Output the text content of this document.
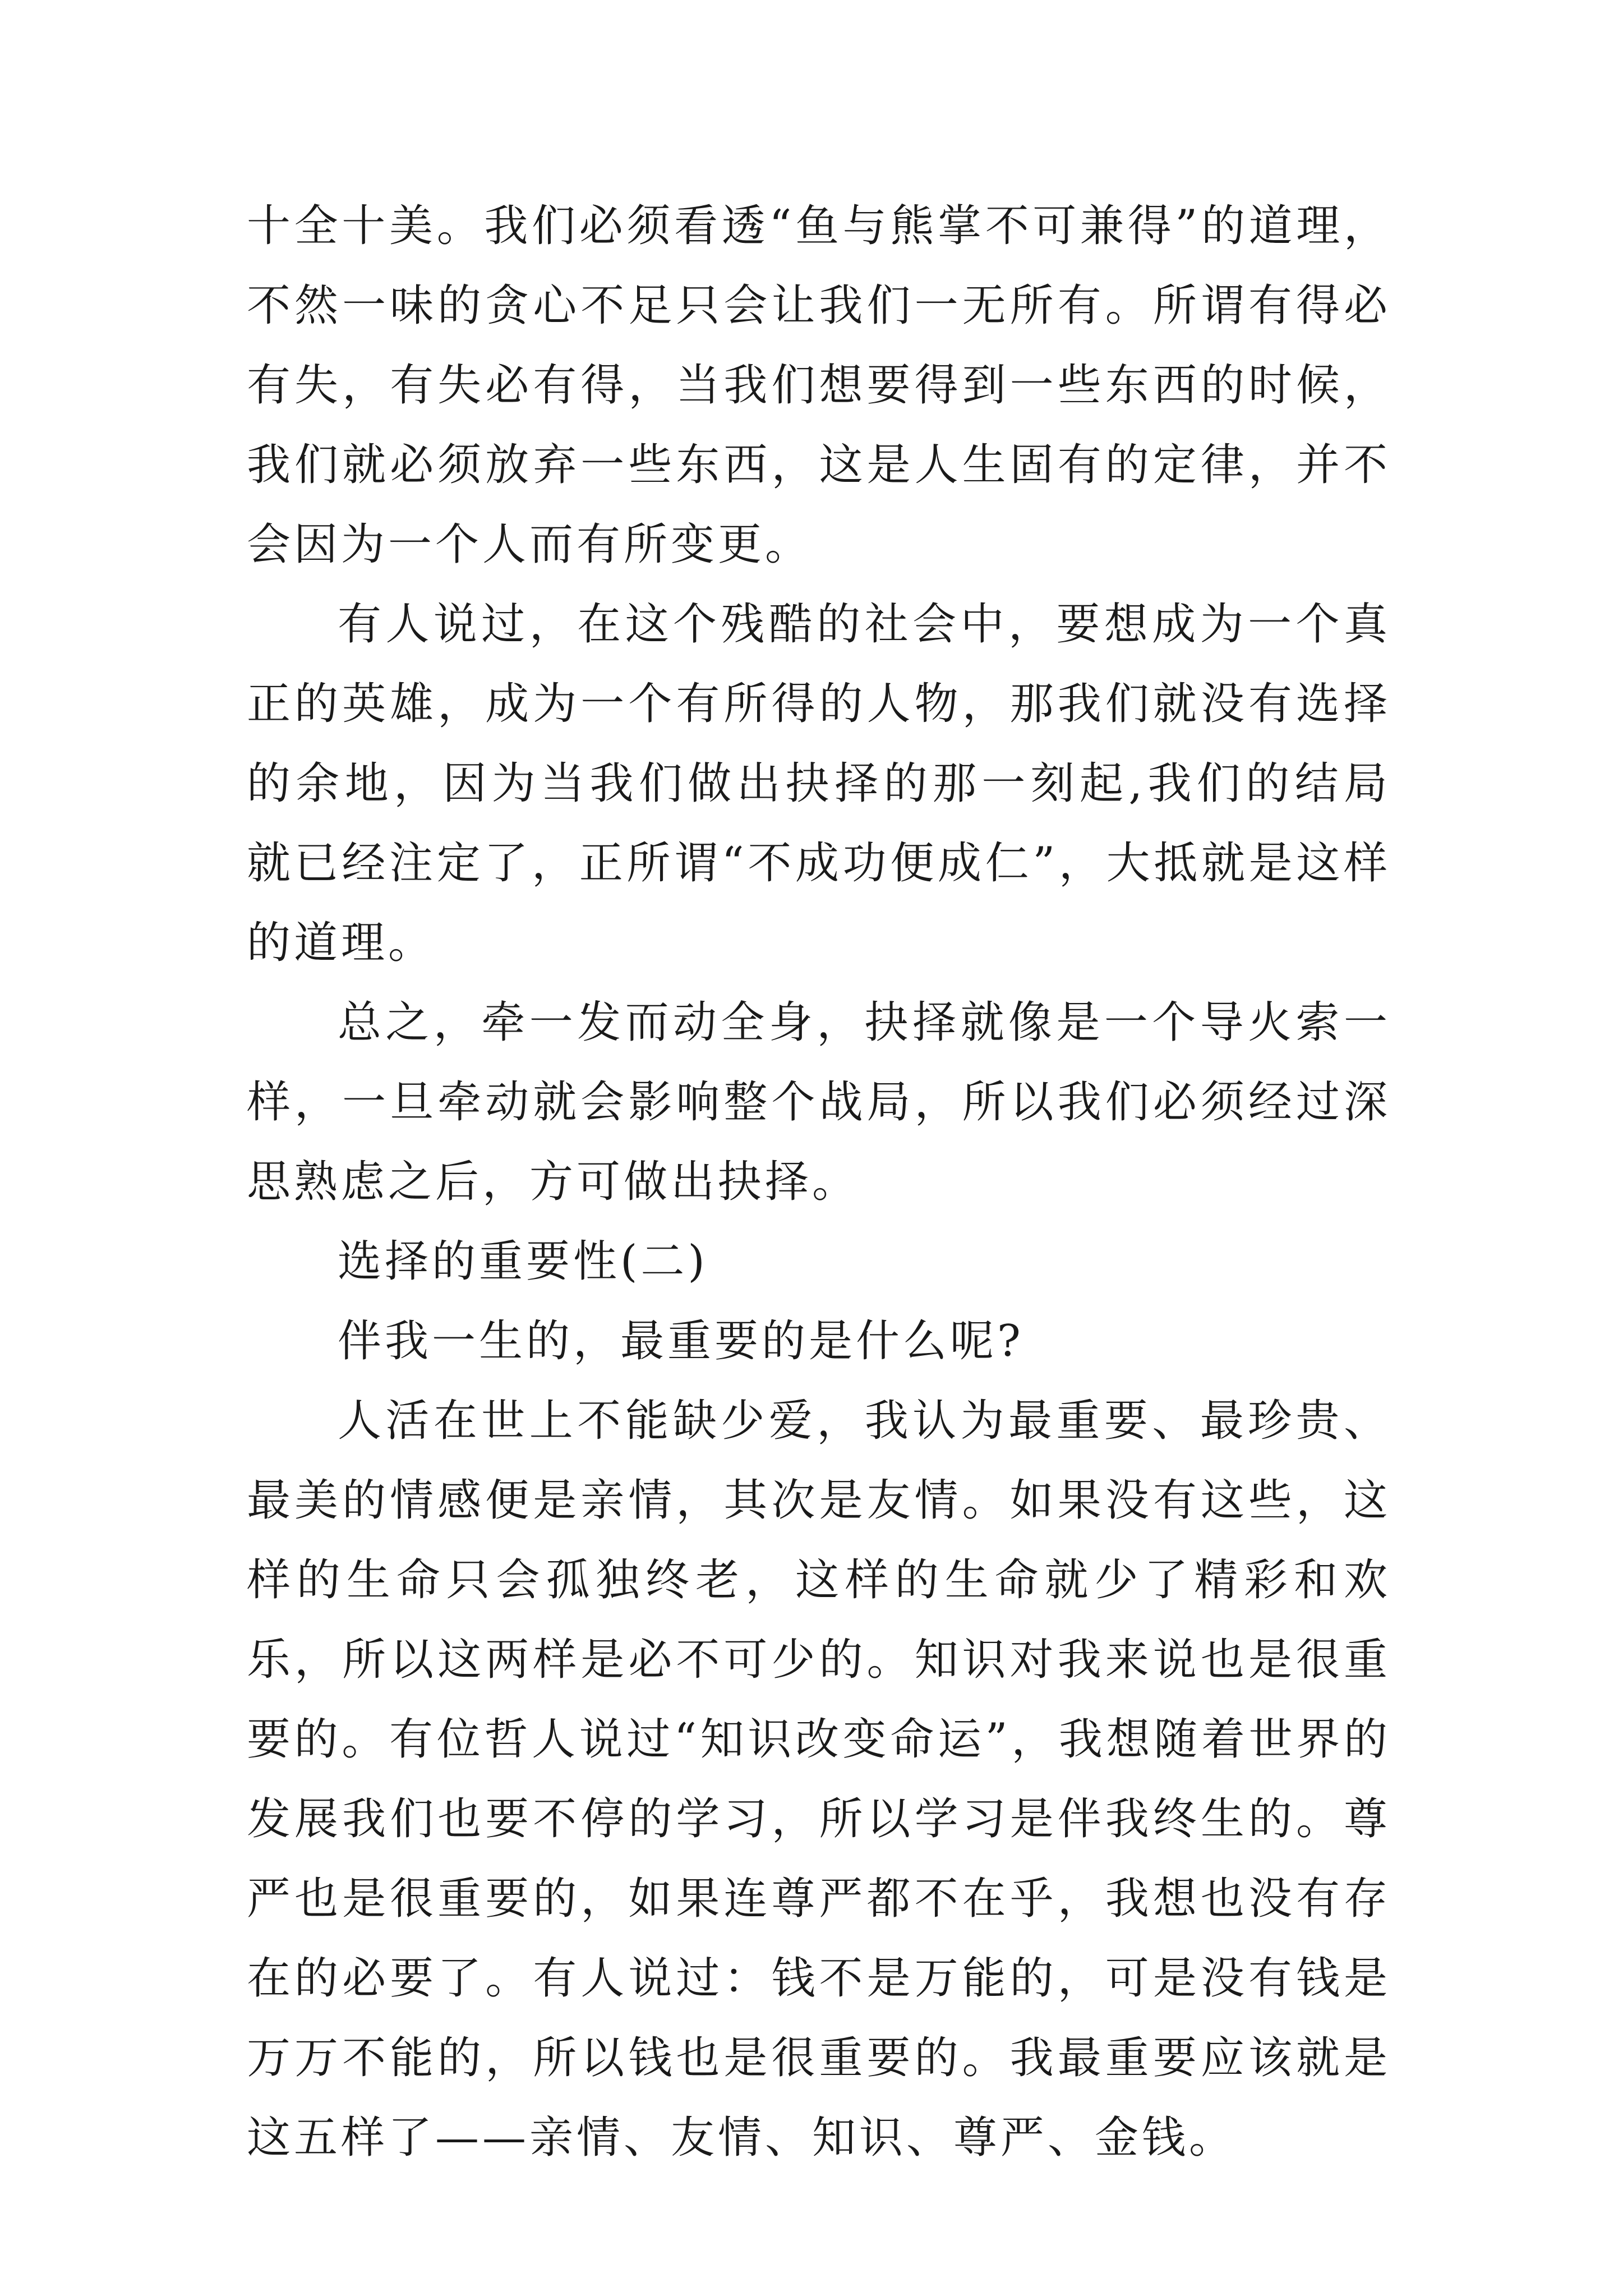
十全十美。我们必须看透“鱼与熊掌不可兼得”的道理，不然一味的贪心不足只会让我们一无所有。所谓有得必有失，有失必有得，当我们想要得到一些东西的时候，我们就必须放弃一些东西，这是人生固有的定律，并不会因为一个人而有所变更。

有人说过，在这个残酷的社会中，要想成为一个真正的英雄，成为一个有所得的人物，那我们就没有选择的余地，因为当我们做出抉择的那一刻起,我们的结局就已经注定了，正所谓“不成功便成仁”，大抵就是这样的道理。

总之，牵一发而动全身，抉择就像是一个导火索一样，一旦牵动就会影响整个战局，所以我们必须经过深思熟虑之后，方可做出抉择。

选择的重要性(二)

伴我一生的，最重要的是什么呢?

人活在世上不能缺少爱，我认为最重要、最珍贵、最美的情感便是亲情，其次是友情。如果没有这些，这样的生命只会孤独终老，这样的生命就少了精彩和欢乐，所以这两样是必不可少的。知识对我来说也是很重要的。有位哲人说过“知识改变命运”，我想随着世界的发展我们也要不停的学习，所以学习是伴我终生的。尊严也是很重要的，如果连尊严都不在乎，我想也没有存在的必要了。有人说过：钱不是万能的，可是没有钱是万万不能的，所以钱也是很重要的。我最重要应该就是这五样了——亲情、友情、知识、尊严、金钱。
